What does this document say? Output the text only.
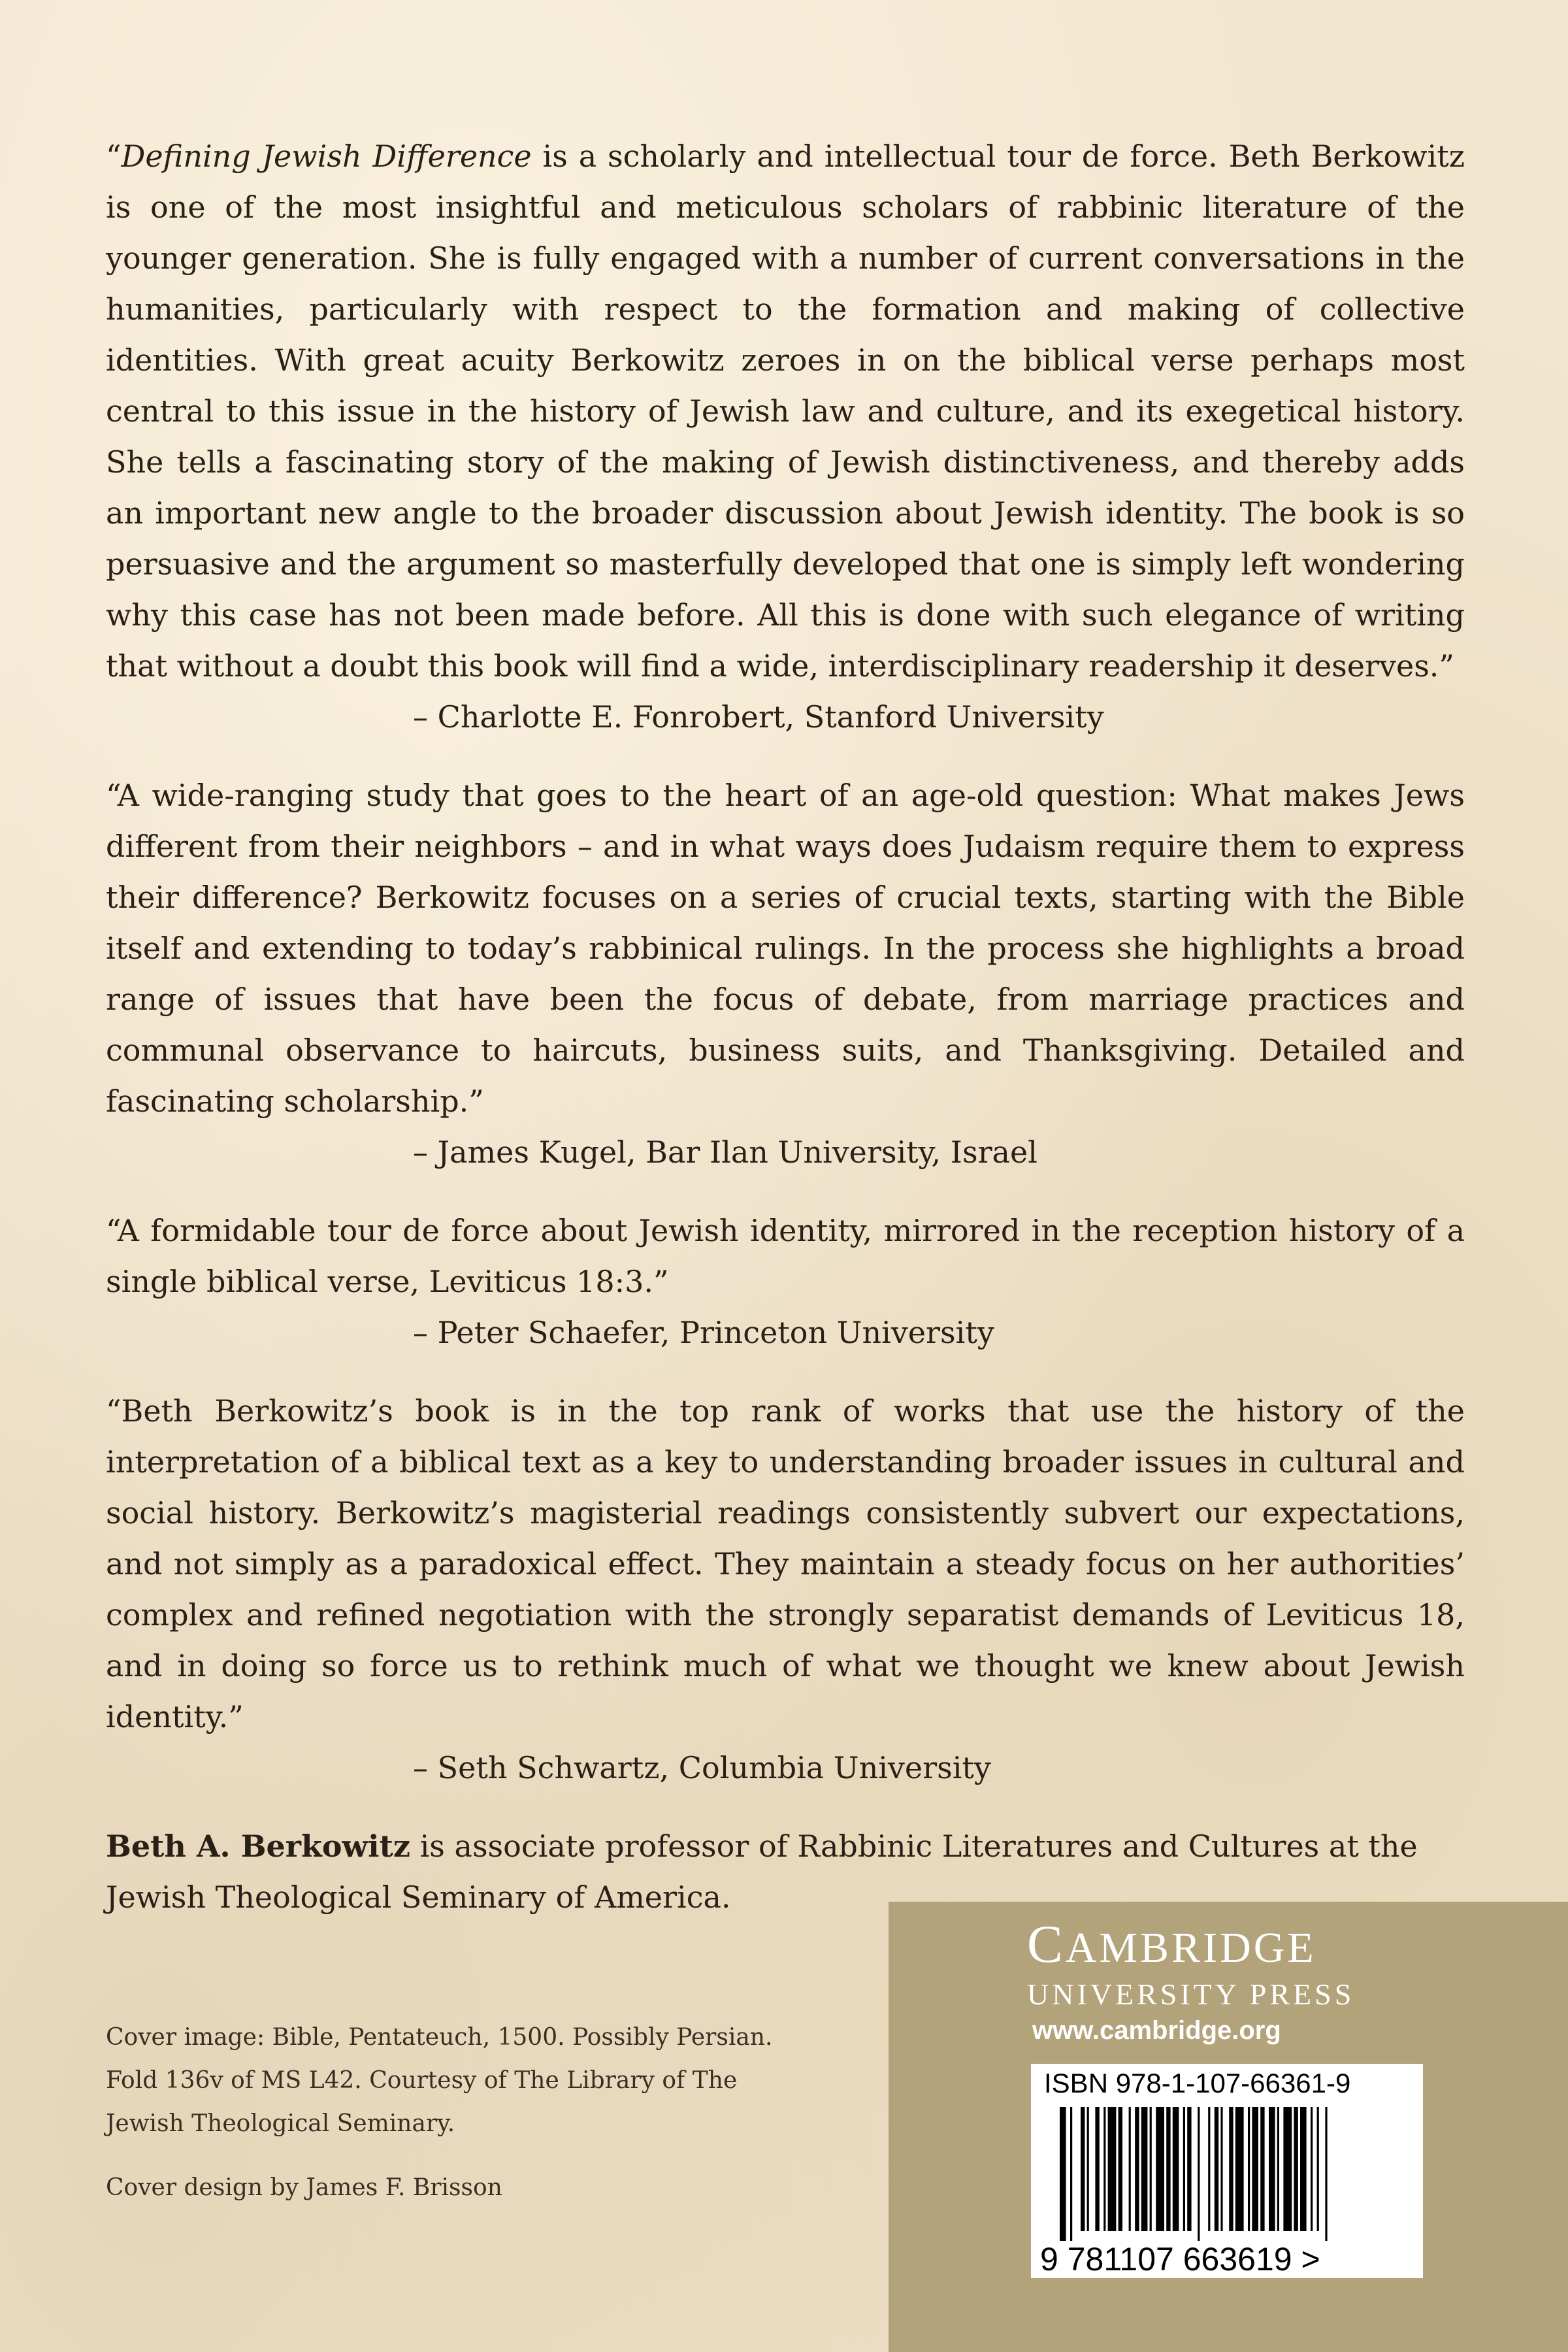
“Defining Jewish Difference is a scholarly and intellectual tour de force. Beth Berkowitz is one of the most insightful and meticulous scholars of rabbinic literature of the younger generation. She is fully engaged with a number of current conversations in the humanities, particularly with respect to the formation and making of collective identities. With great acuity Berkowitz zeroes in on the biblical verse perhaps most central to this issue in the history of Jewish law and culture, and its exegetical history. She tells a fascinating story of the making of Jewish distinctiveness, and thereby adds an important new angle to the broader discussion about Jewish identity. The book is so persuasive and the argument so masterfully developed that one is simply left wondering why this case has not been made before. All this is done with such elegance of writing that without a doubt this book will find a wide, interdisciplinary readership it deserves.”

– Charlotte E. Fonrobert, Stanford University

“A wide-ranging study that goes to the heart of an age-old question: What makes Jews different from their neighbors – and in what ways does Judaism require them to express their difference? Berkowitz focuses on a series of crucial texts, starting with the Bible itself and extending to today’s rabbinical rulings. In the process she highlights a broad range of issues that have been the focus of debate, from marriage practices and communal observance to haircuts, business suits, and Thanksgiving. Detailed and fascinating scholarship.”

– James Kugel, Bar Ilan University, Israel

“A formidable tour de force about Jewish identity, mirrored in the reception history of a single biblical verse, Leviticus 18:3.”

– Peter Schaefer, Princeton University

“Beth Berkowitz’s book is in the top rank of works that use the history of the interpretation of a biblical text as a key to understanding broader issues in cultural and social history. Berkowitz’s magisterial readings consistently subvert our expectations, and not simply as a paradoxical effect. They maintain a steady focus on her authorities’ complex and refined negotiation with the strongly separatist demands of Leviticus 18, and in doing so force us to rethink much of what we thought we knew about Jewish identity.”

– Seth Schwartz, Columbia University

Beth A. Berkowitz is associate professor of Rabbinic Literatures and Cultures at the Jewish Theological Seminary of America.

Cover image: Bible, Pentateuch, 1500. Possibly Persian. Fold 136v of MS L42. Courtesy of The Library of The Jewish Theological Seminary.

Cover design by James F. Brisson

CAMBRIDGE
UNIVERSITY PRESS
www.cambridge.org
ISBN 978-1-107-66361-9
9 781107 663619 >
